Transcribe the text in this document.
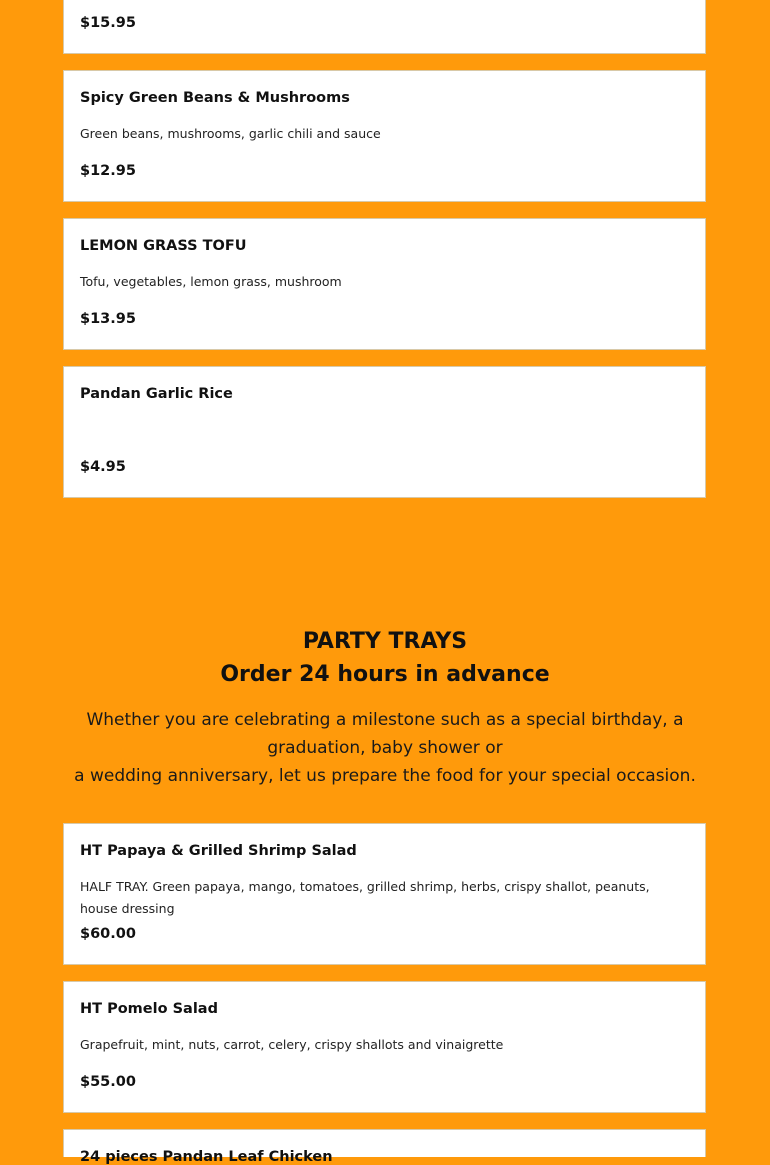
$15.95
Spicy Green Beans & Mushrooms
Green beans, mushrooms, garlic chili and sauce
$12.95
LEMON GRASS TOFU
Tofu, vegetables, lemon grass, mushroom
$13.95
Pandan Garlic Rice
$4.95
PARTY TRAYS
Order 24 hours in advance
Whether you are celebrating a milestone such as a special birthday, a graduation, baby shower or
a wedding anniversary, let us prepare the food for your special occasion.
HT Papaya & Grilled Shrimp Salad
HALF TRAY. Green papaya, mango, tomatoes, grilled shrimp, herbs, crispy shallot, peanuts, house dressing
$60.00
HT Pomelo Salad
Grapefruit, mint, nuts, carrot, celery, crispy shallots and vinaigrette
$55.00
24 pieces Pandan Leaf Chicken
